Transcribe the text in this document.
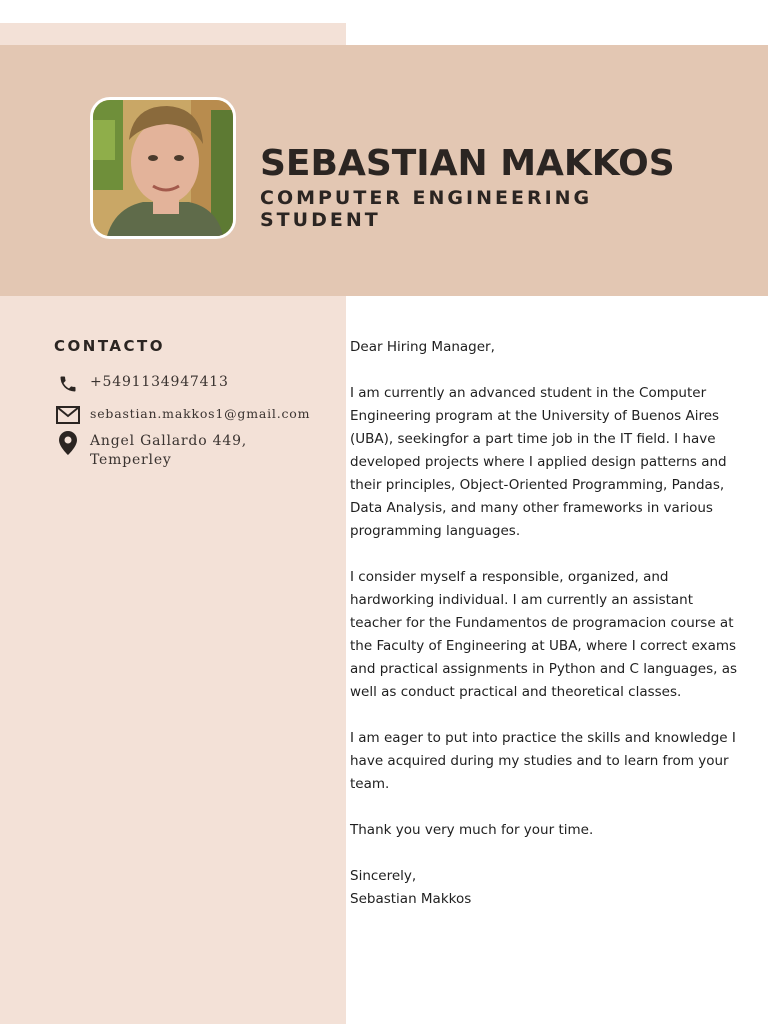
SEBASTIAN MAKKOS
COMPUTER ENGINEERING STUDENT
CONTACTO
+5491134947413
sebastian.makkos1@gmail.com
Angel Gallardo 449, Temperley

Dear Hiring Manager,

I am currently an advanced student in the Computer Engineering program at the University of Buenos Aires (UBA), seekingfor a part time job in the IT field. I have developed projects where I applied design patterns and their principles, Object-Oriented Programming, Pandas, Data Analysis, and many other frameworks in various programming languages.

I consider myself a responsible, organized, and hardworking individual. I am currently an assistant teacher for the Fundamentos de programacion course at the Faculty of Engineering at UBA, where I correct exams and practical assignments in Python and C languages, as well as conduct practical and theoretical classes.

I am eager to put into practice the skills and knowledge I have acquired during my studies and to learn from your team.

Thank you very much for your time.

Sincerely,

Sebastian Makkos
